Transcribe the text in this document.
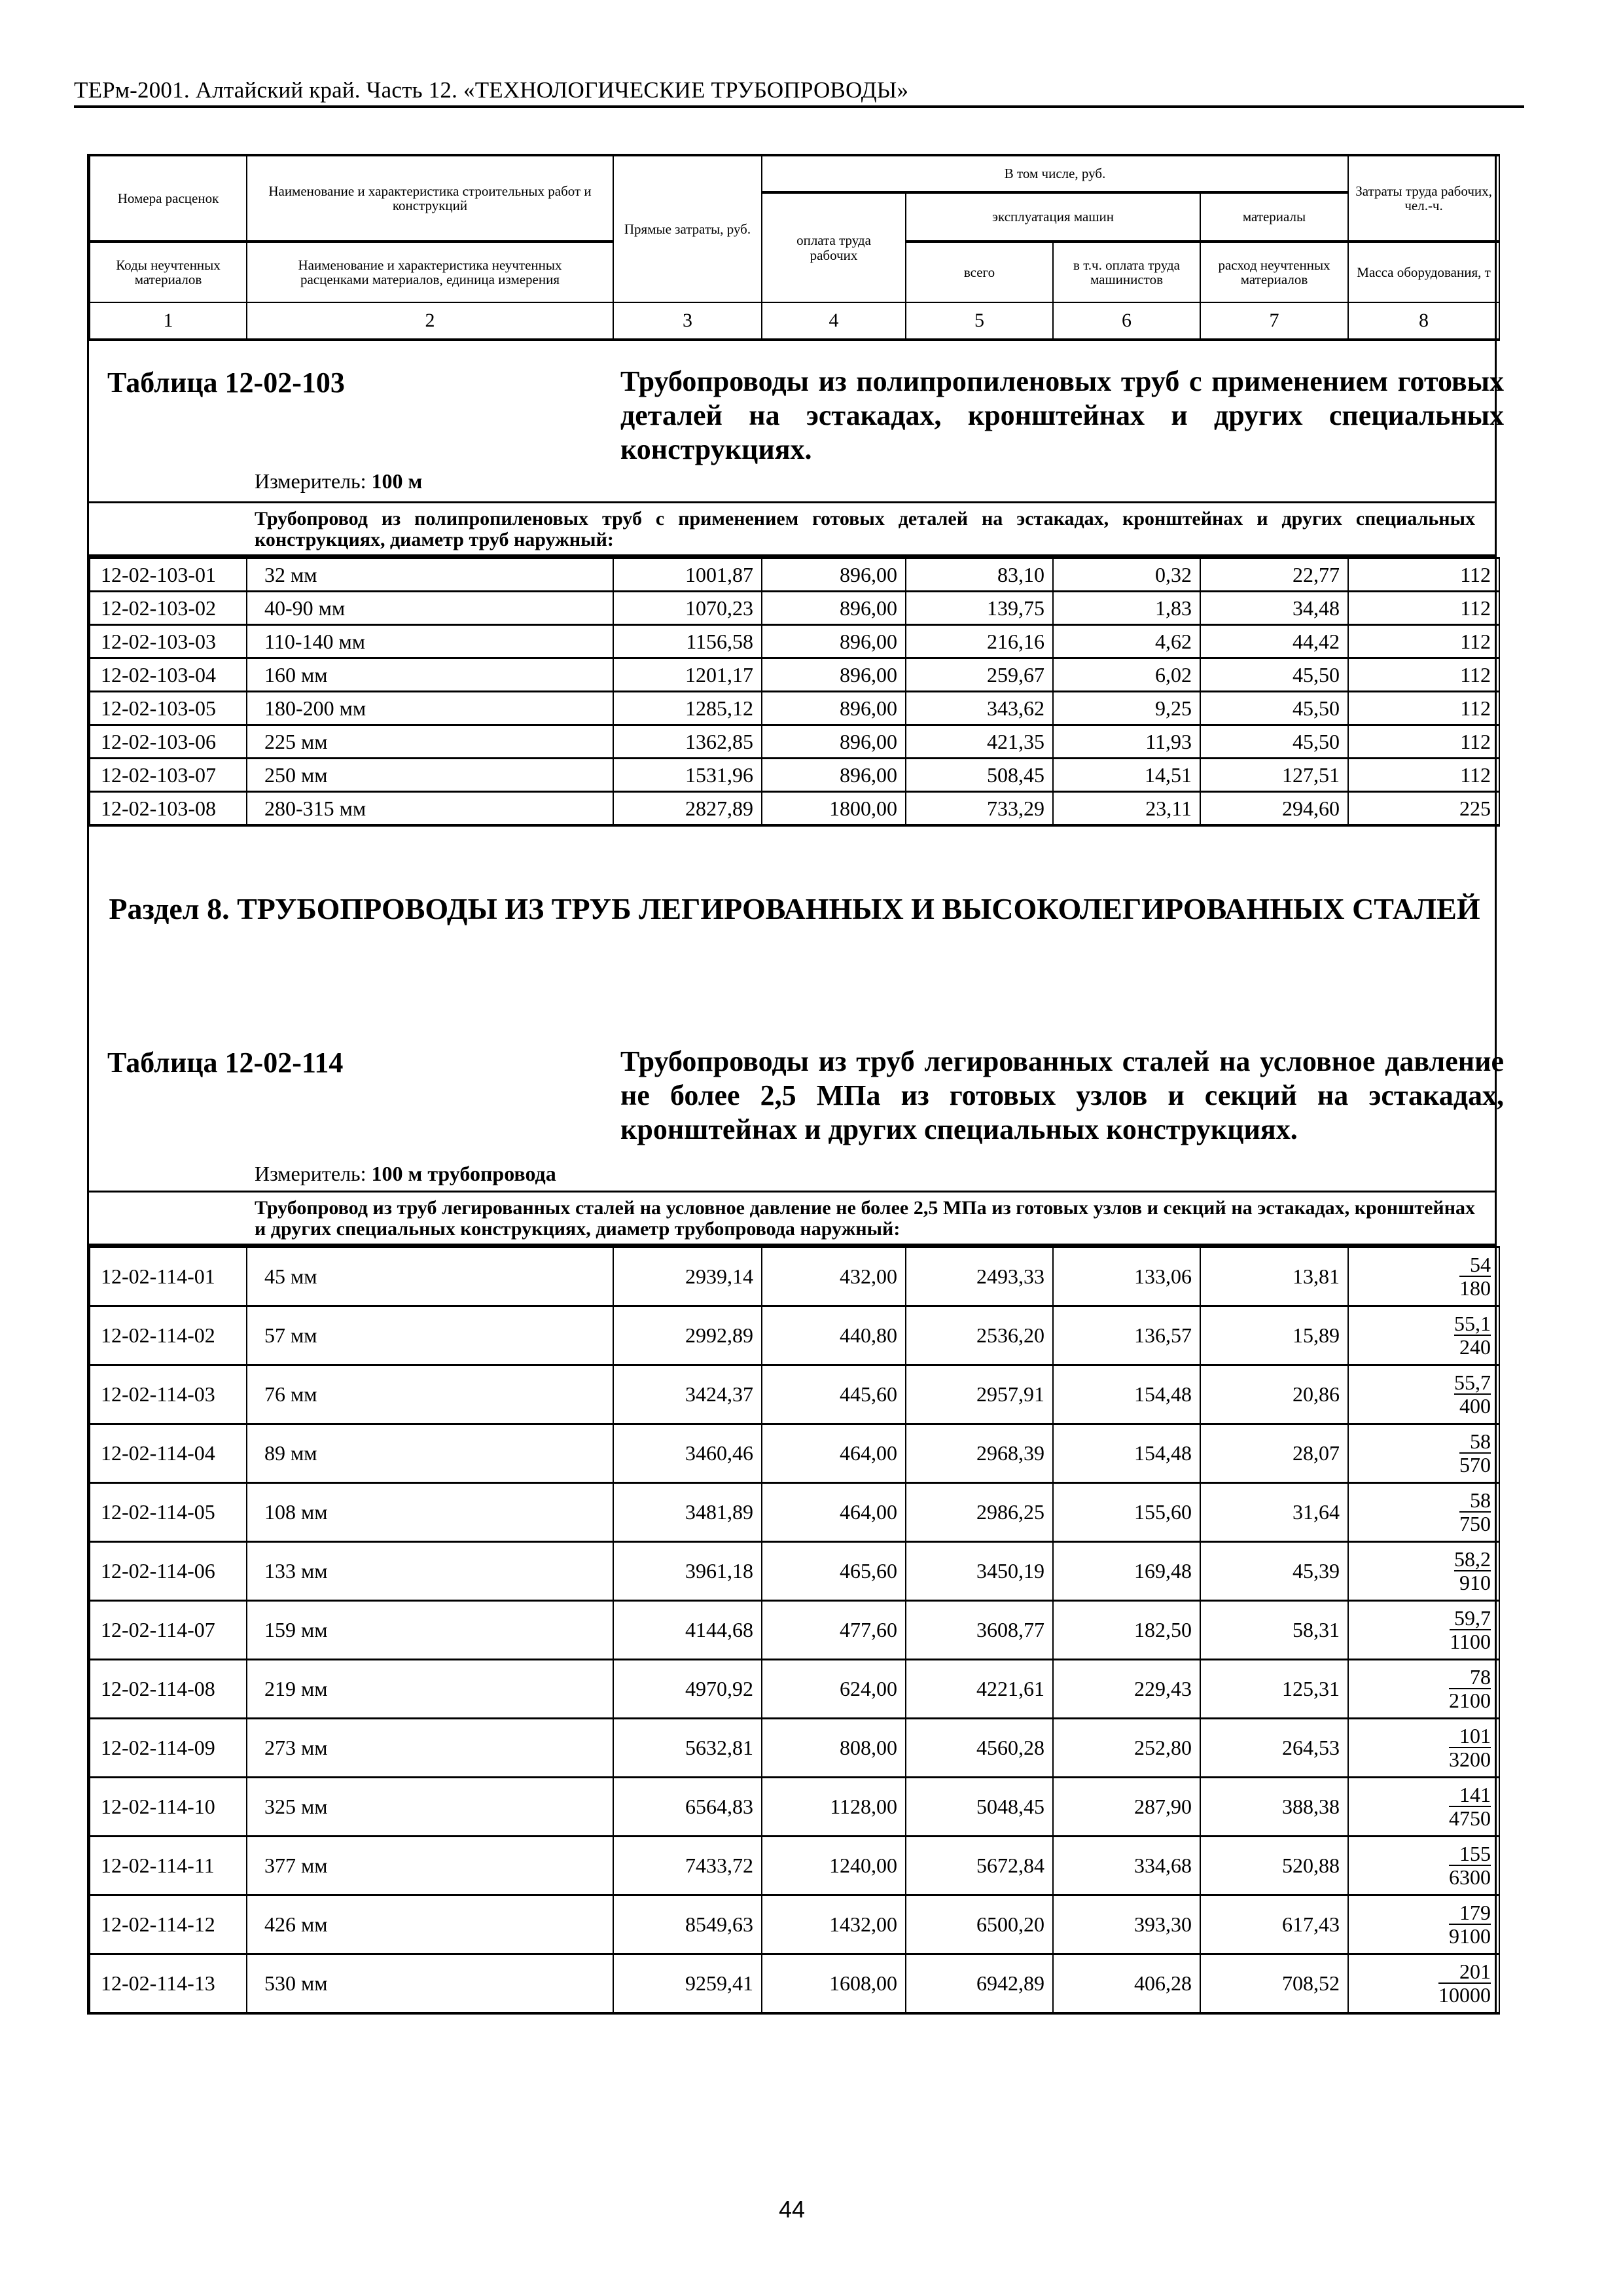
ТЕРм-2001. Алтайский край. Часть 12. «ТЕХНОЛОГИЧЕСКИЕ ТРУБОПРОВОДЫ»
Номера расценок	Наименование и характеристика строительных работ и конструкций	Прямые затраты, руб.	В том числе, руб.				Затраты труда рабочих, чел.-ч.
			оплата труда рабочих	эксплуатация машин		материалы	

Коды неучтенных материалов	Наименование и характеристика неучтенных расценками материалов, единица измерения			всего	в т.ч. оплата труда машинистов	расход неучтенных материалов	Масса оборудования, т

1	2	3	4	5	6	7	8
Таблица 12-02-103	Трубопроводы из полипропиленовых труб с применением готовых деталей на эстакадах, кронштейнах и других специальных конструкциях.
Измеритель: 100 м
Трубопровод из полипропиленовых труб с применением готовых деталей на эстакадах, кронштейнах и других специальных конструкциях, диаметр труб наружный:
12-02-103-01	32 мм	1001,87	896,00	83,10	0,32	22,77	112
12-02-103-02	40-90 мм	1070,23	896,00	139,75	1,83	34,48	112
12-02-103-03	110-140 мм	1156,58	896,00	216,16	4,62	44,42	112
12-02-103-04	160 мм	1201,17	896,00	259,67	6,02	45,50	112
12-02-103-05	180-200 мм	1285,12	896,00	343,62	9,25	45,50	112
12-02-103-06	225 мм	1362,85	896,00	421,35	11,93	45,50	112
12-02-103-07	250 мм	1531,96	896,00	508,45	14,51	127,51	112
12-02-103-08	280-315 мм	2827,89	1800,00	733,29	23,11	294,60	225
Раздел 8. ТРУБОПРОВОДЫ ИЗ ТРУБ ЛЕГИРОВАННЫХ И ВЫСОКОЛЕГИРОВАННЫХ СТАЛЕЙ
Таблица 12-02-114	Трубопроводы из труб легированных сталей на условное давление не более 2,5 МПа из готовых узлов и секций на эстакадах, кронштейнах и других специальных конструкциях.
Измеритель: 100 м трубопровода
Трубопровод из труб легированных сталей на условное давление не более 2,5 МПа из готовых узлов и секций на эстакадах, кронштейнах и других специальных конструкциях, диаметр трубопровода наружный:
12-02-114-01	45 мм	2939,14	432,00	2493,33	133,06	13,81	$\frac{54}{180}$

12-02-114-02	57 мм	2992,89	440,80	2536,20	136,57	15,89	$\frac{55,1}{240}$

12-02-114-03	76 мм	3424,37	445,60	2957,91	154,48	20,86	$\frac{55,7}{400}$

12-02-114-04	89 мм	3460,46	464,00	2968,39	154,48	28,07	$\frac{58}{570}$

12-02-114-05	108 мм	3481,89	464,00	2986,25	155,60	31,64	$\frac{58}{750}$

12-02-114-06	133 мм	3961,18	465,60	3450,19	169,48	45,39	$\frac{58,2}{910}$

12-02-114-07	159 мм	4144,68	477,60	3608,77	182,50	58,31	$\frac{59,7}{1100}$

12-02-114-08	219 мм	4970,92	624,00	4221,61	229,43	125,31	$\frac{78}{2100}$

12-02-114-09	273 мм	5632,81	808,00	4560,28	252,80	264,53	$\frac{101}{3200}$

12-02-114-10	325 мм	6564,83	1128,00	5048,45	287,90	388,38	$\frac{141}{4750}$

12-02-114-11	377 мм	7433,72	1240,00	5672,84	334,68	520,88	$\frac{155}{6300}$

12-02-114-12	426 мм	8549,63	1432,00	6500,20	393,30	617,43	$\frac{179}{9100}$

12-02-114-13	530 мм	9259,41	1608,00	6942,89	406,28	708,52	$\frac{201}{10000}$
44
